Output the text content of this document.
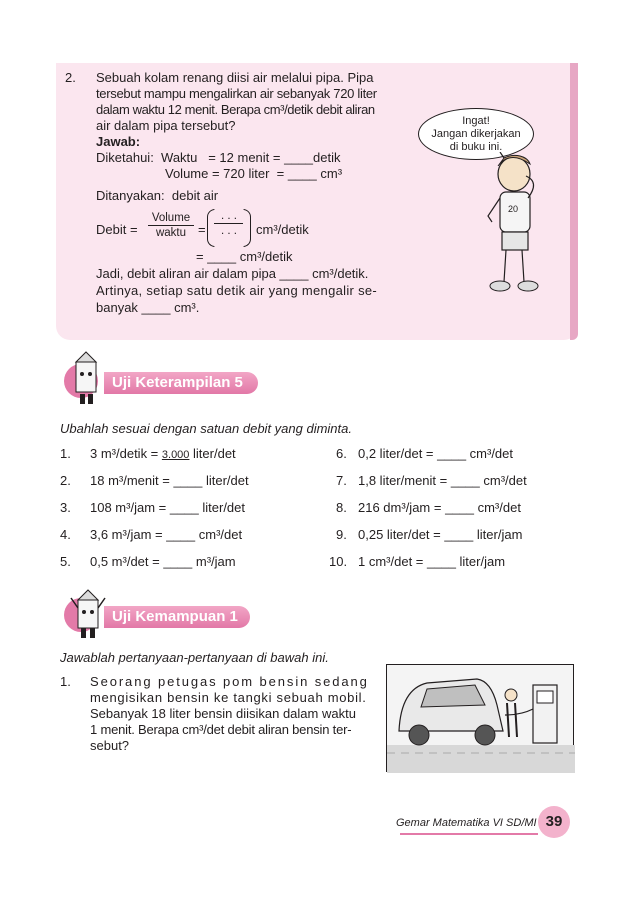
2. Sebuah kolam renang diisi air melalui pipa. Pipa
tersebut mampu mengalirkan air sebanyak 720 liter
dalam waktu 12 menit. Berapa cm³/detik debit aliran
air dalam pipa tersebut?
Jawab:
Diketahui:  Waktu   = 12 menit = ____detik
Volume = 720 liter  = ____ cm³
Ditanyakan:  debit air
Debit =
Volume
waktu =
. . .
. . .	cm³/detik
= ____ cm³/detik
Jadi, debit aliran air dalam pipa ____ cm³/detik.
Artinya, setiap satu detik air yang mengalir se-
banyak ____ cm³.
Ingat!
Jangan dikerjakan
di buku ini.
20
Uji Keterampilan 5
Ubahlah sesuai dengan satuan debit yang diminta.
1. 3 m³/detik = 3.000 liter/det
2. 18 m³/menit = ____ liter/det
3. 108 m³/jam = ____ liter/det
4. 3,6 m³/jam = ____ cm³/det
5. 0,5 m³/det = ____ m³/jam
6. 0,2 liter/det = ____ cm³/det
7. 1,8 liter/menit = ____ cm³/det
8. 216 dm³/jam = ____ cm³/det
9. 0,25 liter/det = ____ liter/jam
10. 1 cm³/det = ____ liter/jam
Uji Kemampuan 1
Jawablah pertanyaan-pertanyaan di bawah ini.
1. Seorang petugas pom bensin sedang
mengisikan bensin ke tangki sebuah mobil.
Sebanyak 18 liter bensin diisikan dalam waktu
1 menit. Berapa cm³/det debit aliran bensin ter-
sebut?
Gemar Matematika VI SD/MI 39
